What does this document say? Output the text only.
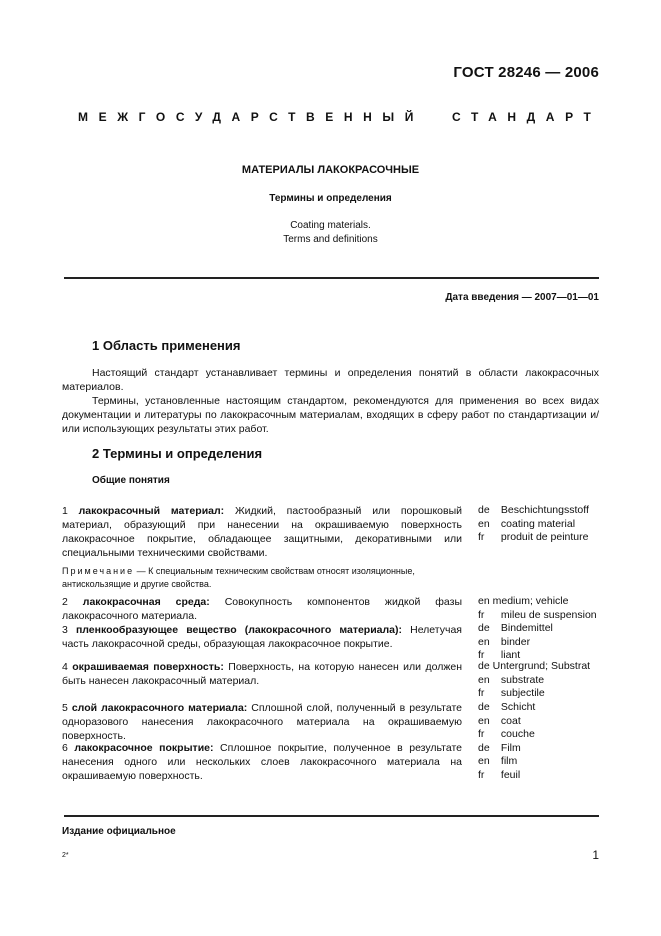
ГОСТ 28246 — 2006
МЕЖГОСУДАРСТВЕННЫЙ СТАНДАРТ
МАТЕРИАЛЫ ЛАКОКРАСОЧНЫЕ
Термины и определения
Coating materials.
Terms and definitions
Дата введения — 2007—01—01
1 Область применения

Настоящий стандарт устанавливает термины и определения понятий в области лакокрасочных материалов.

Термины, установленные настоящим стандартом, рекомендуются для применения во всех видах документации и литературы по лакокрасочным материалам, входящих в сферу работ по стандартизации и/или использующих результаты этих работ.

2 Термины и определения
Общие понятия
1 лакокрасочный материал: Жидкий, пастообразный или порошковый материал, образующий при нанесении на окрашиваемую поверхность лакокрасочное покрытие, обладающее защитными, декоративными или специальными техническими свойствами.
de Beschichtungsstoff
en coating material
fr produit de peinture
Примечание — К специальным техническим свойствам относят изоляционные, антискользящие и другие свойства.
2 лакокрасочная среда: Совокупность компонентов жидкой фазы лакокрасочного материала.
3 пленкообразующее вещество (лакокрасочного материала): Нелетучая часть лакокрасочной среды, образующая лакокрасочное покрытие.
en medium; vehicle
fr mileu de suspension
de Bindemittel
en binder
fr liant
4 окрашиваемая поверхность: Поверхность, на которую нанесен или должен быть нанесен лакокрасочный материал.
de Untergrund; Substrat
en substrate
fr subjectile
5 слой лакокрасочного материала: Сплошной слой, полученный в результате одноразового нанесения лакокрасочного материала на окрашиваемую поверхность.
6 лакокрасочное покрытие: Сплошное покрытие, полученное в результате нанесения одного или нескольких слоев лакокрасочного материала на окрашиваемую поверхность.
de Schicht
en coat
fr couche
de Film
en film
fr feuil
Издание официальное
2*	1
